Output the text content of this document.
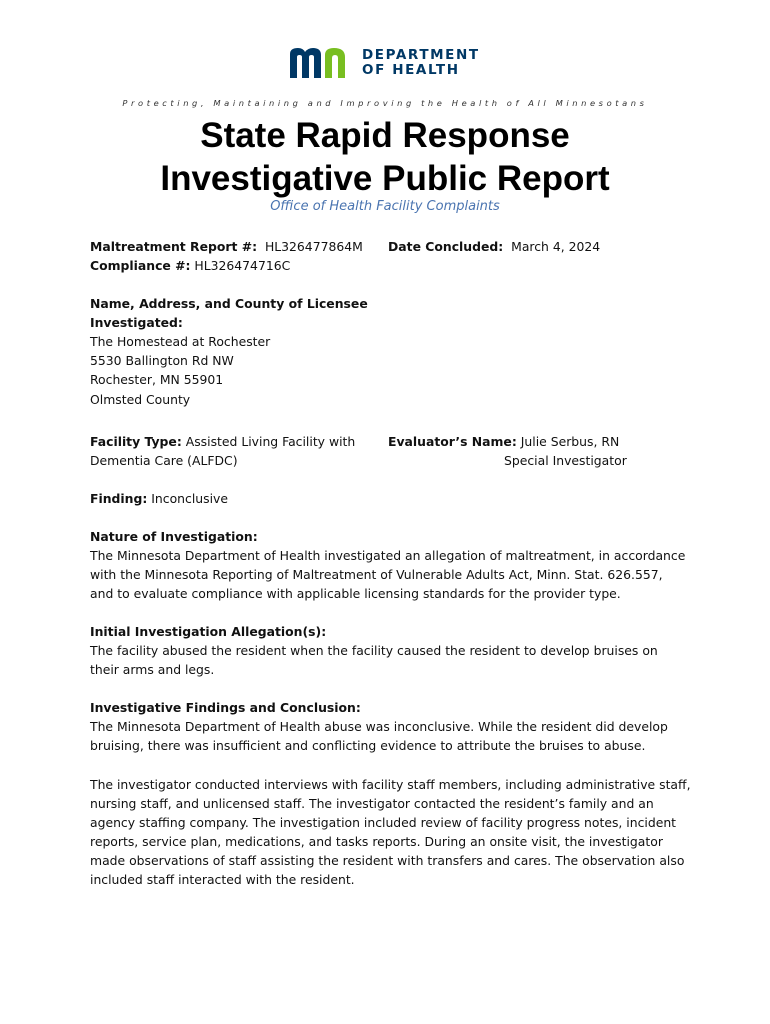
DEPARTMENT
OF HEALTH
Protecting, Maintaining and Improving the Health of All Minnesotans
State Rapid Response
Investigative Public Report
Office of Health Facility Complaints
Maltreatment Report #: HL326477864M
Compliance #: HL326474716C
Date Concluded: March 4, 2024
Name, Address, and County of Licensee
Investigated:
The Homestead at Rochester
5530 Ballington Rd NW
Rochester, MN 55901
Olmsted County
Facility Type: Assisted Living Facility with
Dementia Care (ALFDC)
Evaluator’s Name: Julie Serbus, RN
Special Investigator
Finding: Inconclusive
Nature of Investigation:
The Minnesota Department of Health investigated an allegation of maltreatment, in accordance
with the Minnesota Reporting of Maltreatment of Vulnerable Adults Act, Minn. Stat. 626.557,
and to evaluate compliance with applicable licensing standards for the provider type.
Initial Investigation Allegation(s):
The facility abused the resident when the facility caused the resident to develop bruises on
their arms and legs.
Investigative Findings and Conclusion:
The Minnesota Department of Health abuse was inconclusive. While the resident did develop
bruising, there was insufficient and conflicting evidence to attribute the bruises to abuse.
The investigator conducted interviews with facility staff members, including administrative staff,
nursing staff, and unlicensed staff. The investigator contacted the resident’s family and an
agency staffing company. The investigation included review of facility progress notes, incident
reports, service plan, medications, and tasks reports. During an onsite visit, the investigator
made observations of staff assisting the resident with transfers and cares. The observation also
included staff interacted with the resident.
